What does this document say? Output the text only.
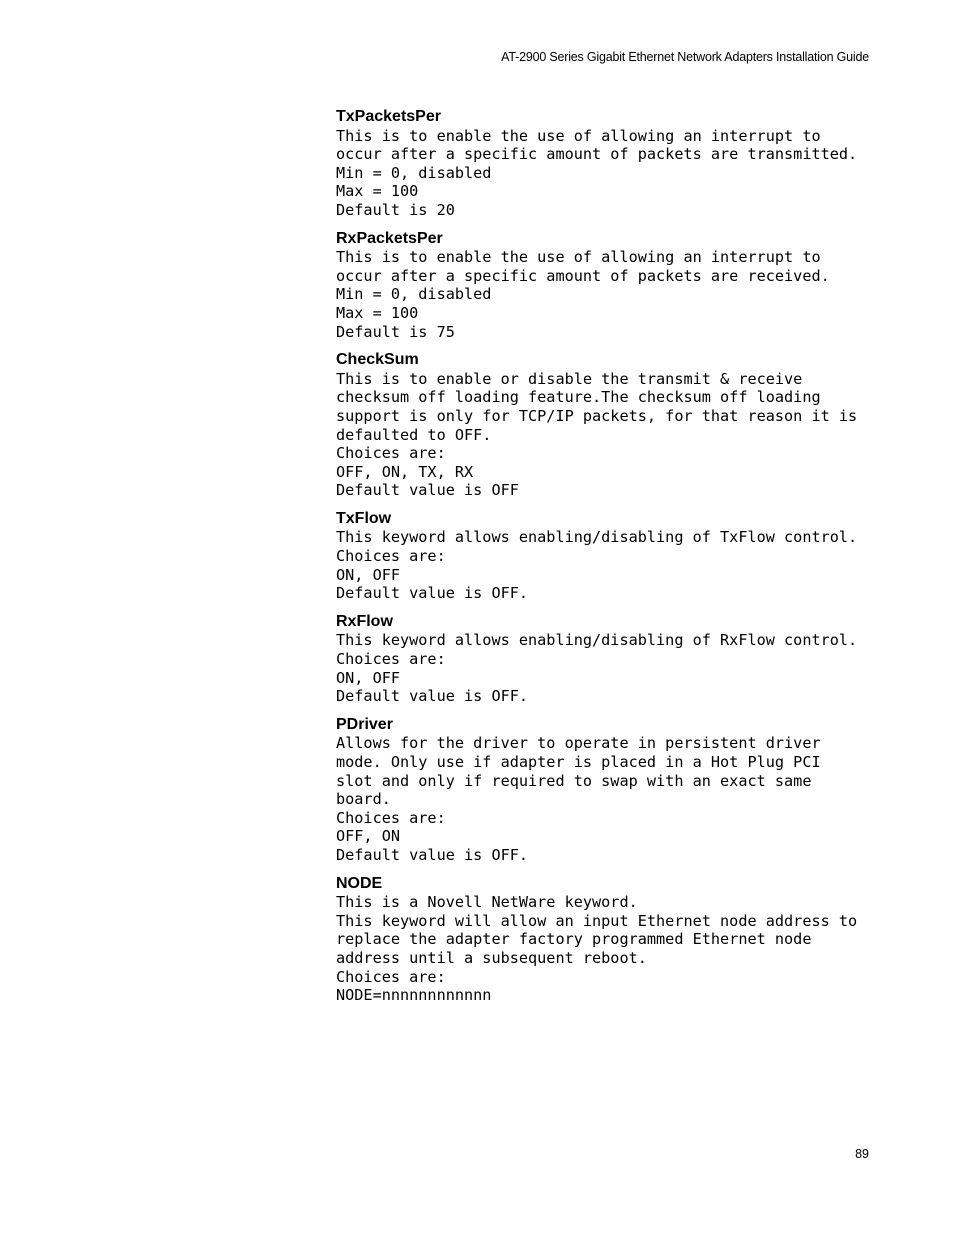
AT-2900 Series Gigabit Ethernet Network Adapters Installation Guide
TxPacketsPer
This is to enable the use of allowing an interrupt to
occur after a specific amount of packets are transmitted.
Min = 0, disabled
Max = 100
Default is 20
RxPacketsPer
This is to enable the use of allowing an interrupt to
occur after a specific amount of packets are received.
Min = 0, disabled
Max = 100
Default is 75
CheckSum
This is to enable or disable the transmit & receive
checksum off loading feature.The checksum off loading
support is only for TCP/IP packets, for that reason it is
defaulted to OFF.
Choices are:
OFF, ON, TX, RX
Default value is OFF
TxFlow
This keyword allows enabling/disabling of TxFlow control.
Choices are:
ON, OFF
Default value is OFF.
RxFlow
This keyword allows enabling/disabling of RxFlow control.
Choices are:
ON, OFF
Default value is OFF.
PDriver
Allows for the driver to operate in persistent driver
mode. Only use if adapter is placed in a Hot Plug PCI
slot and only if required to swap with an exact same
board.
Choices are:
OFF, ON
Default value is OFF.
NODE
This is a Novell NetWare keyword.
This keyword will allow an input Ethernet node address to
replace the adapter factory programmed Ethernet node
address until a subsequent reboot.
Choices are:
NODE=nnnnnnnnnnnn
89
